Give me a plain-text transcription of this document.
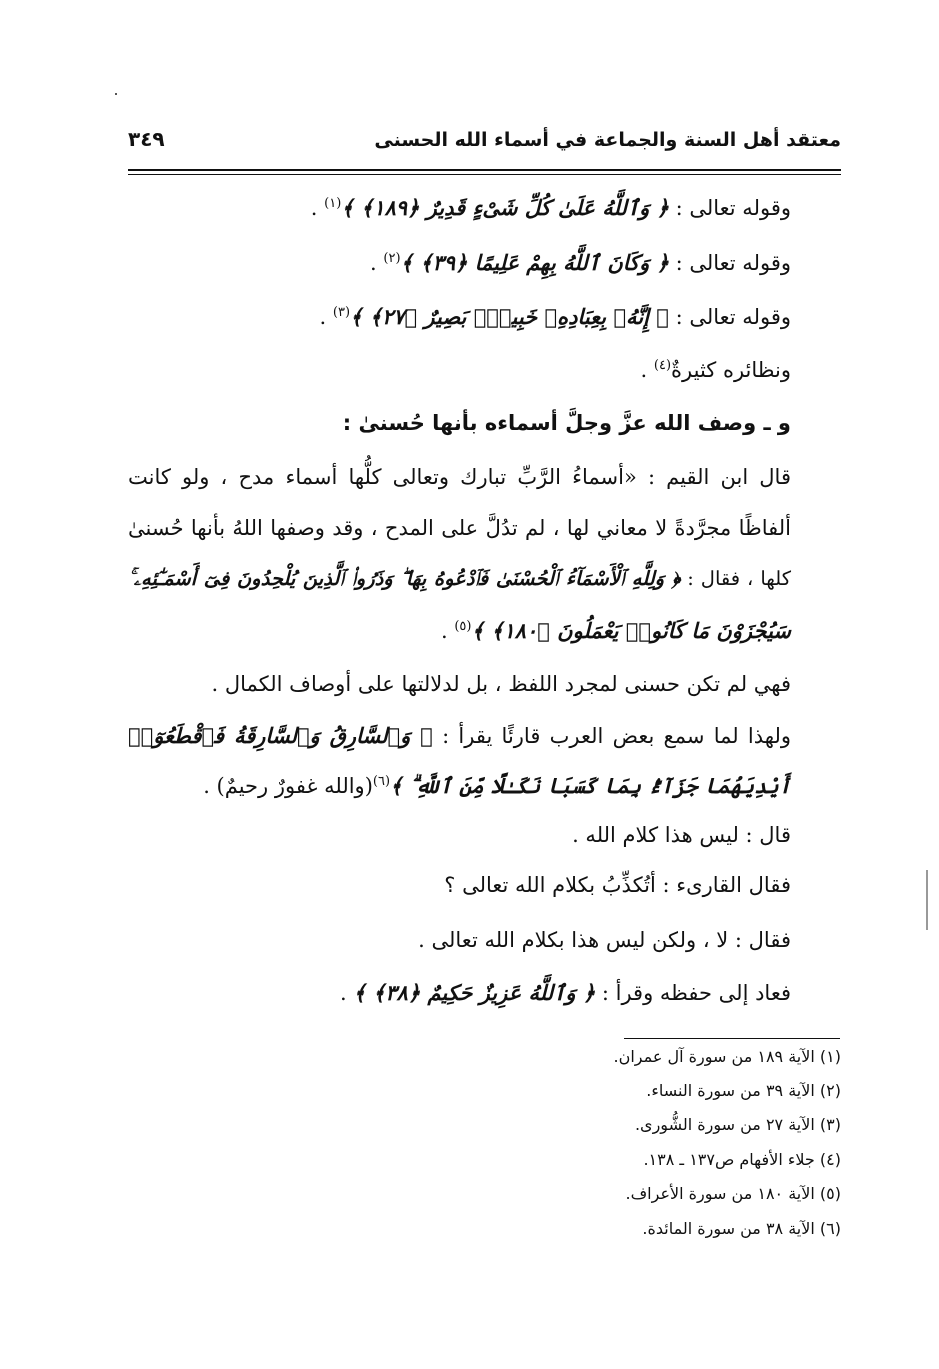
معتقد أهل السنة والجماعة في أسماء الله الحسنى
٣٤٩
وقوله تعالى : ﴿ وَٱللَّهُ عَلَىٰ كُلِّ شَىْءٍ قَدِيرٌ ﴿١٨٩﴾ ﴾$^{(١)}$ .
وقوله تعالى : ﴿ وَكَانَ ٱللَّهُ بِهِمْ عَلِيمًا ﴿٣٩﴾ ﴾$^{(٢)}$ .
وقوله تعالى : ﴿ إِنَّهُۥ بِعِبَادِهِۦ خَبِيرٌۢ بَصِيرٌ ﴿٢٧﴾ ﴾$^{(٣)}$ .
ونظائره كثيرةٌ$^{(٤)}$ .
و ـ وصف الله عزَّ وجلَّ أسماءه بأنها حُسنىٰ :
قال ابن القيم : «أسماءُ الرَّبِّ تبارك وتعالى كلُّها أسماء مدح ، ولو كانت
ألفاظًا مجرَّدةً لا معاني لها ، لم تدُلَّ على المدح ، وقد وصفها اللهُ بأنها حُسنىٰ
كلها ، فقال : ﴿ وَلِلَّهِ ٱلْأَسْمَآءُ ٱلْحُسْنَىٰ فَٱدْعُوهُ بِهَا ۖ وَذَرُوا۟ ٱلَّذِينَ يُلْحِدُونَ فِىٓ أَسْمَـٰٓئِهِۦ ۚ
سَيُجْزَوْنَ مَا كَانُوا۟ يَعْمَلُونَ ﴿١٨٠﴾ ﴾$^{(٥)}$ .
فهي لم تكن حسنى لمجرد اللفظ ، بل لدلالتها على أوصاف الكمال .
ولهذا لما سمع بعض العرب قارئًا يقرأ : ﴿ وَٱلسَّارِقُ وَٱلسَّارِقَةُ فَٱقْطَعُوٓا۟
أَيْدِيَهُمَا جَزَآءًۢ بِمَا كَسَبَا نَكَـٰلًا مِّنَ ٱللَّهِ ۗ ﴾$^{(٦)}$(والله غفورٌ رحيمٌ) .
قال : ليس هذا كلام الله .
فقال القارىء : أتُكذِّبُ بكلام الله تعالى ؟
فقال : لا ، ولكن ليس هذا بكلام الله تعالى .
فعاد إلى حفظه وقرأ : ﴿ وَٱللَّهُ عَزِيزٌ حَكِيمٌ ﴿٣٨﴾ ﴾ .
(١) الآية ١٨٩ من سورة آل عمران.
(٢) الآية ٣٩ من سورة النساء.
(٣) الآية ٢٧ من سورة الشُّورى.
(٤) جلاء الأفهام ص١٣٧ ـ ١٣٨.
(٥) الآية ١٨٠ من سورة الأعراف.
(٦) الآية ٣٨ من سورة المائدة.
